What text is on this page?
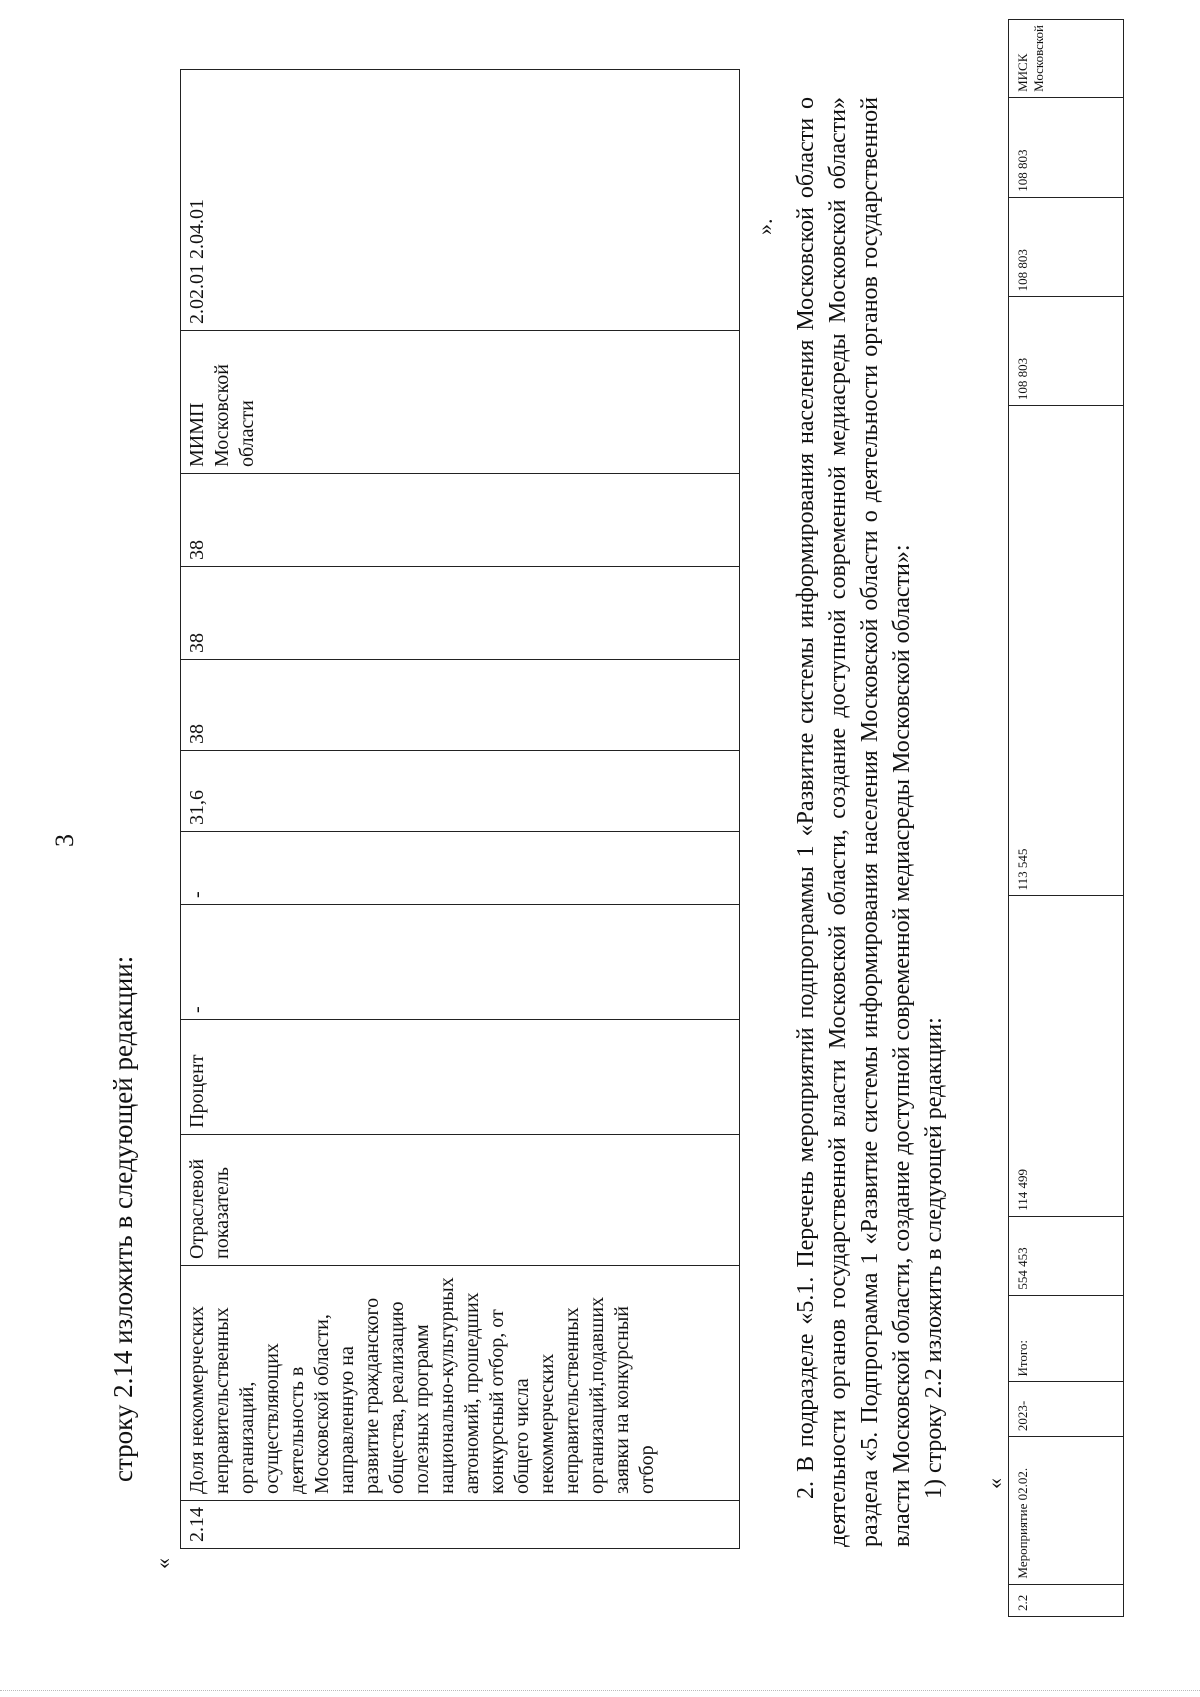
3
строку 2.14 изложить в следующей редакции:
«
2.14	Доля некоммерческих неправительственных организаций, осуществляющих деятельность в Московской области, направленную на развитие гражданского общества, реализацию полезных программ национально-культурных автономий, прошедших конкурсный отбор, от общего числа некоммерческих неправительственных организаций,подавших заявки на конкурсный отбор	Отраслевой показатель	Процент	-	-	31,6	38	38	38	МИМП Московской области	2.02.01 2.04.01	». 2. В подразделе «5.1. Перечень мероприятий подпрограммы 1 «Развитие системы информирования населения Московской области о деятельности органов государственной власти Московской области, создание доступной современной медиасреды Московской области» раздела «5. Подпрограмма 1 «Развитие системы информирования населения Московской области о деятельности органов государственной власти Московской области, создание доступной современной медиасреды Московской области»: 1) строку 2.2 изложить в следующей редакции: «
2.2	Мероприятие 02.02.	2023-	Итого:	554 453	114 499	113 545	108 803	108 803	108 803	МИСК Московской
